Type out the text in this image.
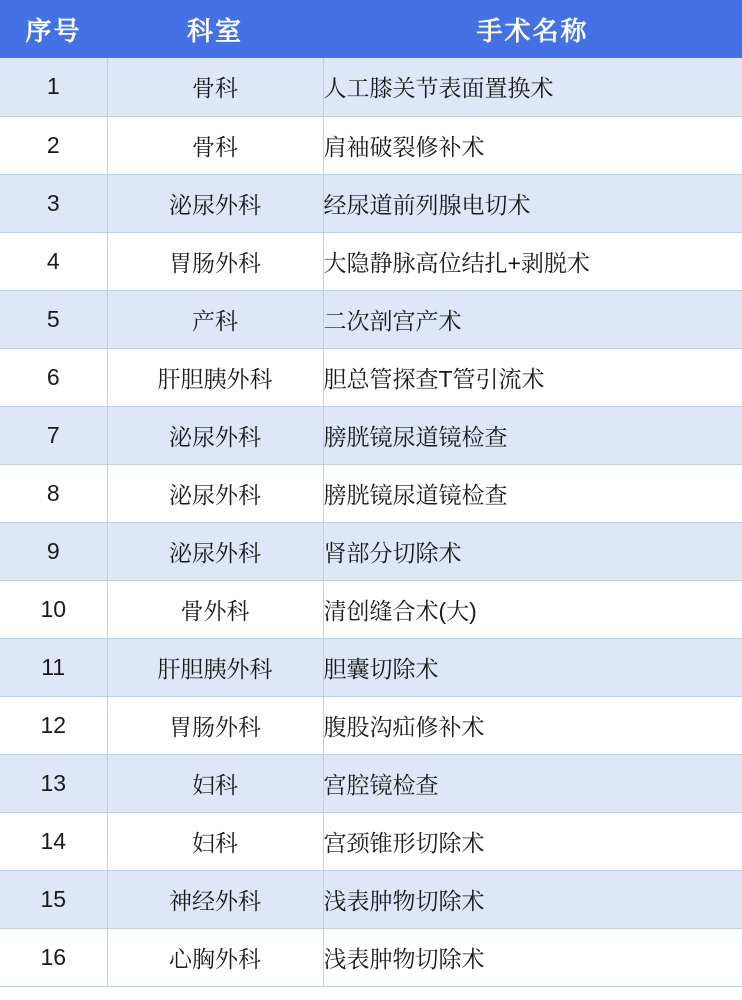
序号	科室	手术名称
1	骨科	人工膝关节表面置换术
2	骨科	肩袖破裂修补术
3	泌尿外科	经尿道前列腺电切术
4	胃肠外科	大隐静脉高位结扎+剥脱术
5	产科	二次剖宫产术
6	肝胆胰外科	胆总管探查T管引流术
7	泌尿外科	膀胱镜尿道镜检查
8	泌尿外科	膀胱镜尿道镜检查
9	泌尿外科	肾部分切除术
10	骨外科	清创缝合术(大)
11	肝胆胰外科	胆囊切除术
12	胃肠外科	腹股沟疝修补术
13	妇科	宫腔镜检查
14	妇科	宫颈锥形切除术
15	神经外科	浅表肿物切除术
16	心胸外科	浅表肿物切除术
